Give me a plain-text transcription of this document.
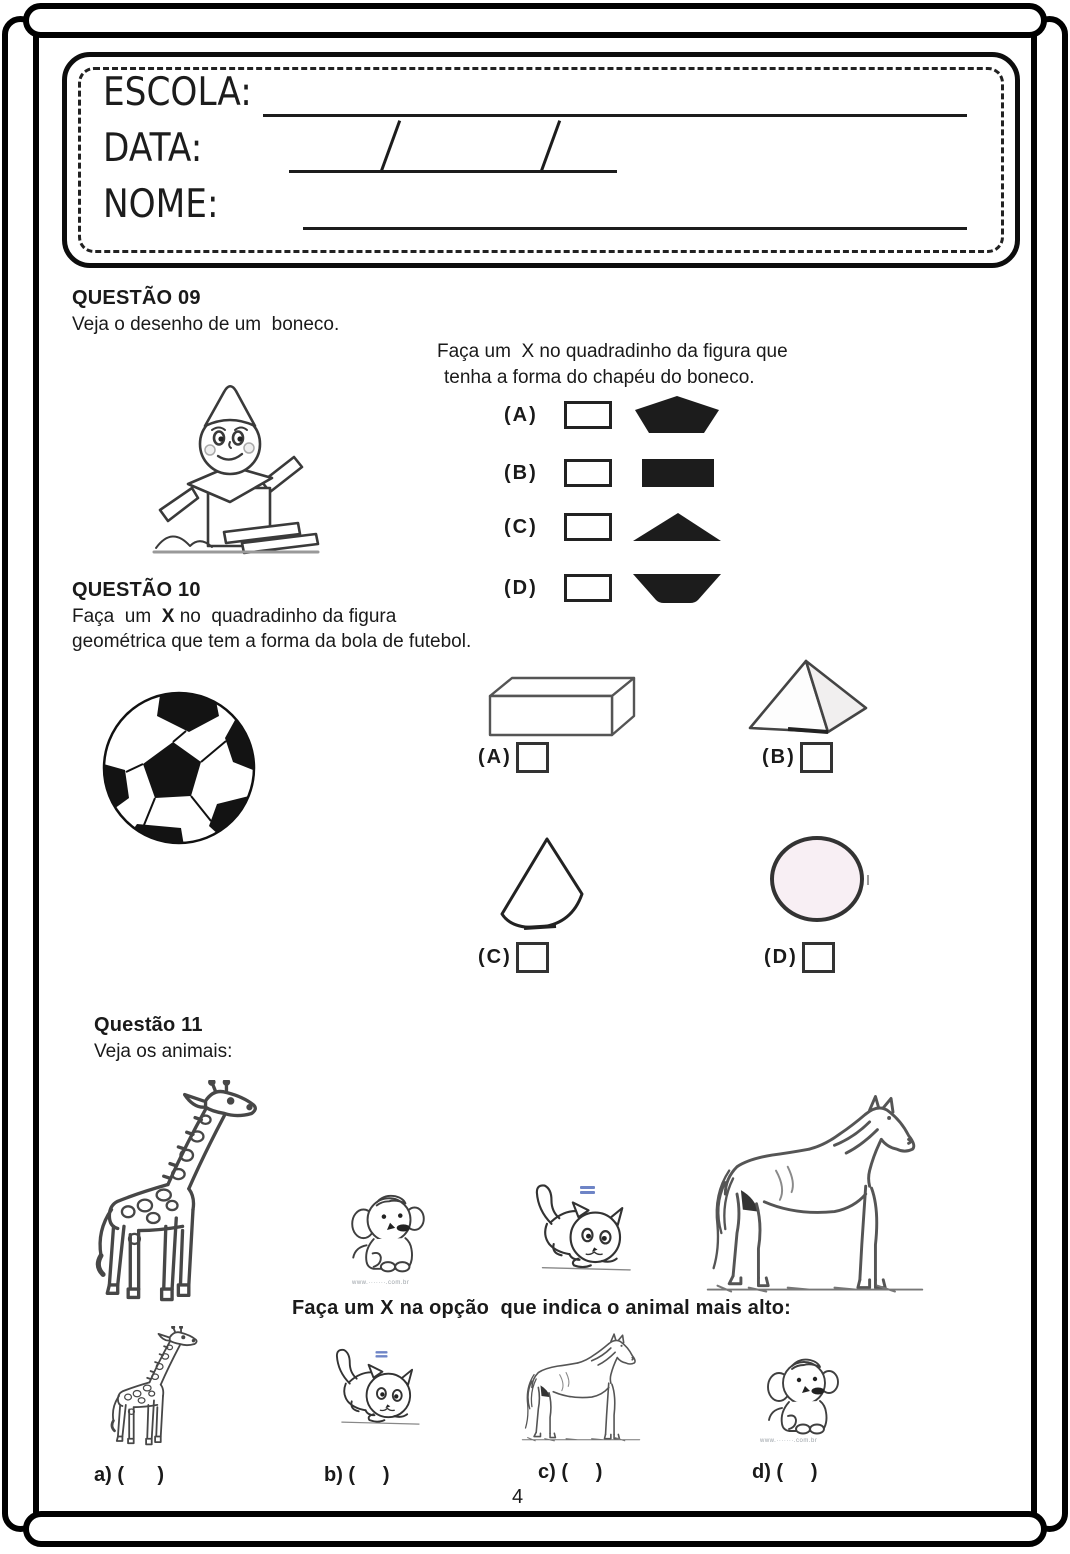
ESCOLA:
DATA:
NOME:
QUESTÃO 09
Veja o desenho de um  boneco.
Faça um  X no quadradinho da figura que
tenha a forma do chapéu do boneco.
(A)
(B)
(C)
(D)
QUESTÃO 10
Faça  um  X no  quadradinho da figura
geométrica que tem a forma da bola de futebol.
(A)	(B)
(C)	(D)
Questão 11
Veja os animais:
www.·······.com.br
Faça um X na opção  que indica o animal mais alto:
www.·······.com.br
a) (      )	b) (     )	c) (     )	d) (     )
4
